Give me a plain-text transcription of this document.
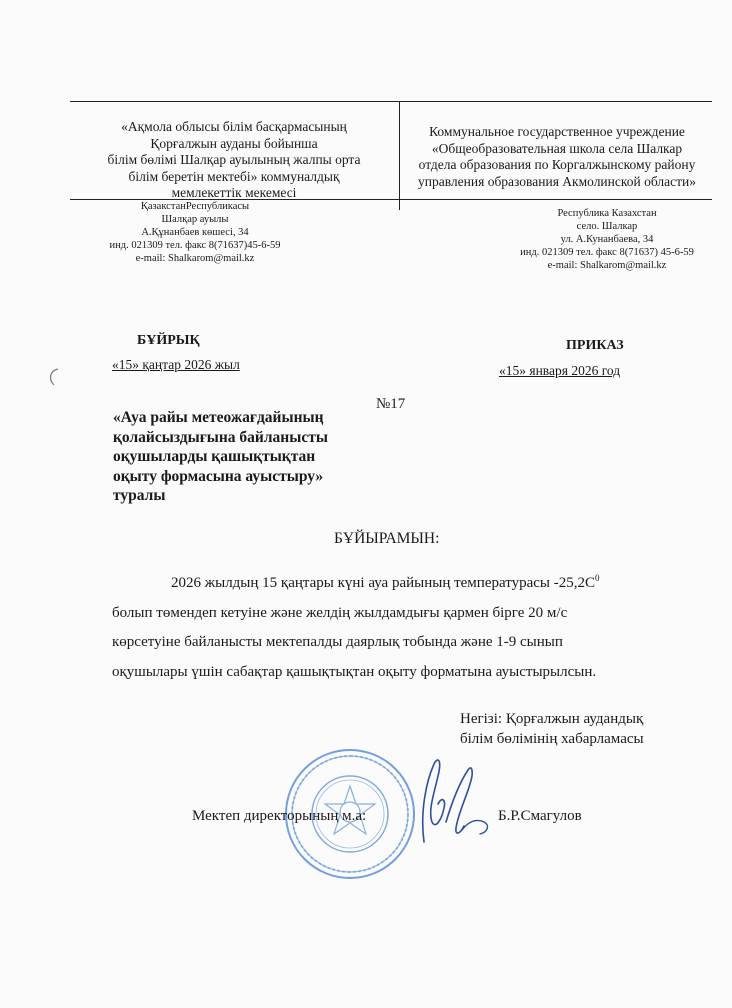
«Ақмола облысы білім басқармасының
Қорғалжын ауданы бойынша
білім бөлімі Шалқар ауылының жалпы орта
білім беретін мектебі» коммуналдық
мемлекеттік мекемесі
Коммунальное государственное учреждение
«Общеобразовательная школа села Шалкар
отдела образования по Коргалжынскому району
управления образования Акмолинской области»
ҚазакстанРеспубликасы
Шалқар ауылы
А.Құнанбаев көшесі, 34
инд. 021309 тел. факс 8(71637)45-6-59
e-mail: Shalkarom@mail.kz
Республика Казахстан
село. Шалкар
ул. А.Кунанбаева, 34
инд. 021309 тел. факс 8(71637) 45-6-59
e-mail: Shalkarom@mail.kz
БҰЙРЫҚ
«15» қаңтар 2026 жыл
ПРИКАЗ
«15» января 2026 год
№17
«Ауа райы метеожағдайының
қолайсыздығына байланысты
оқушыларды қашықтықтан
оқыту формасына ауыстыру»
туралы
БҰЙЫРАМЫН:
2026 жылдың 15 қаңтары күні ауа райының температурасы $-25,2С^0$
болып төмендеп кетуіне және желдің жылдамдығы қармен бірге 20 м/с
көрсетуіне байланысты мектепалды даярлық тобында және 1-9 сынып
оқушылары үшін сабақтар қашықтықтан оқыту форматына ауыстырылсын.
Негізі: Қорғалжын аудандық
білім бөлімінің хабарламасы
Мектеп директорының м.а:	Б.Р.Смагулов
